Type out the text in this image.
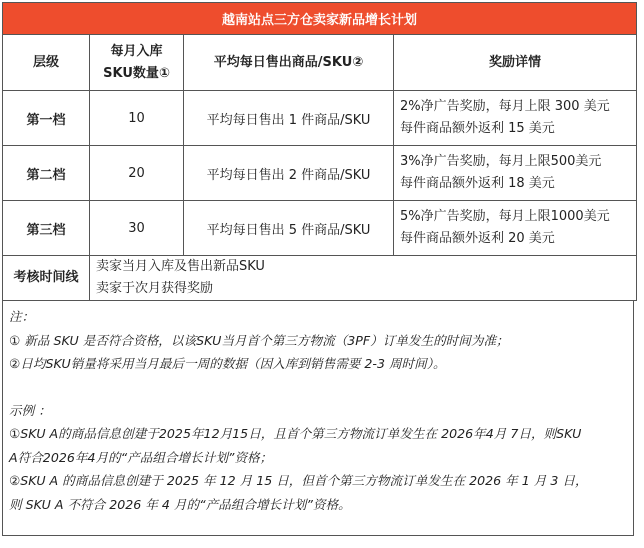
越南站点三方仓卖家新品增长计划			
层级	每月入库SKU数量①	平均每日售出商品/SKU②	奖励详情
第一档	10	平均每日售出 1 件商品/SKU	2%净广告奖励，每月上限 300 美元
每件商品额外返利 15 美元

第二档	20	平均每日售出 2 件商品/SKU	3%净广告奖励，每月上限500美元
每件商品额外返利 18 美元

第三档	30	平均每日售出 5 件商品/SKU	5%净广告奖励，每月上限1000美元
每件商品额外返利 20 美元

考核时间线	卖家当月入库及售出新品SKU
卖家于次月获得奖励		

注：

① 新品 SKU 是否符合资格，以该SKU当月首个第三方物流（3PF）订单发生的时间为准；

②日均SKU销量将采用当月最后一周的数据（因入库到销售需要 2-3 周时间）。

示例 ：

①SKU A的商品信息创建于2025年12月15日，且首个第三方物流订单发生在 2026年4月 7日，则SKU

A符合2026年4月的“产品组合增长计划”资格；

②SKU A 的商品信息创建于 2025 年 12 月 15 日，但首个第三方物流订单发生在 2026 年 1 月 3 日，

则 SKU A 不符合 2026 年 4 月的“产品组合增长计划”资格。
